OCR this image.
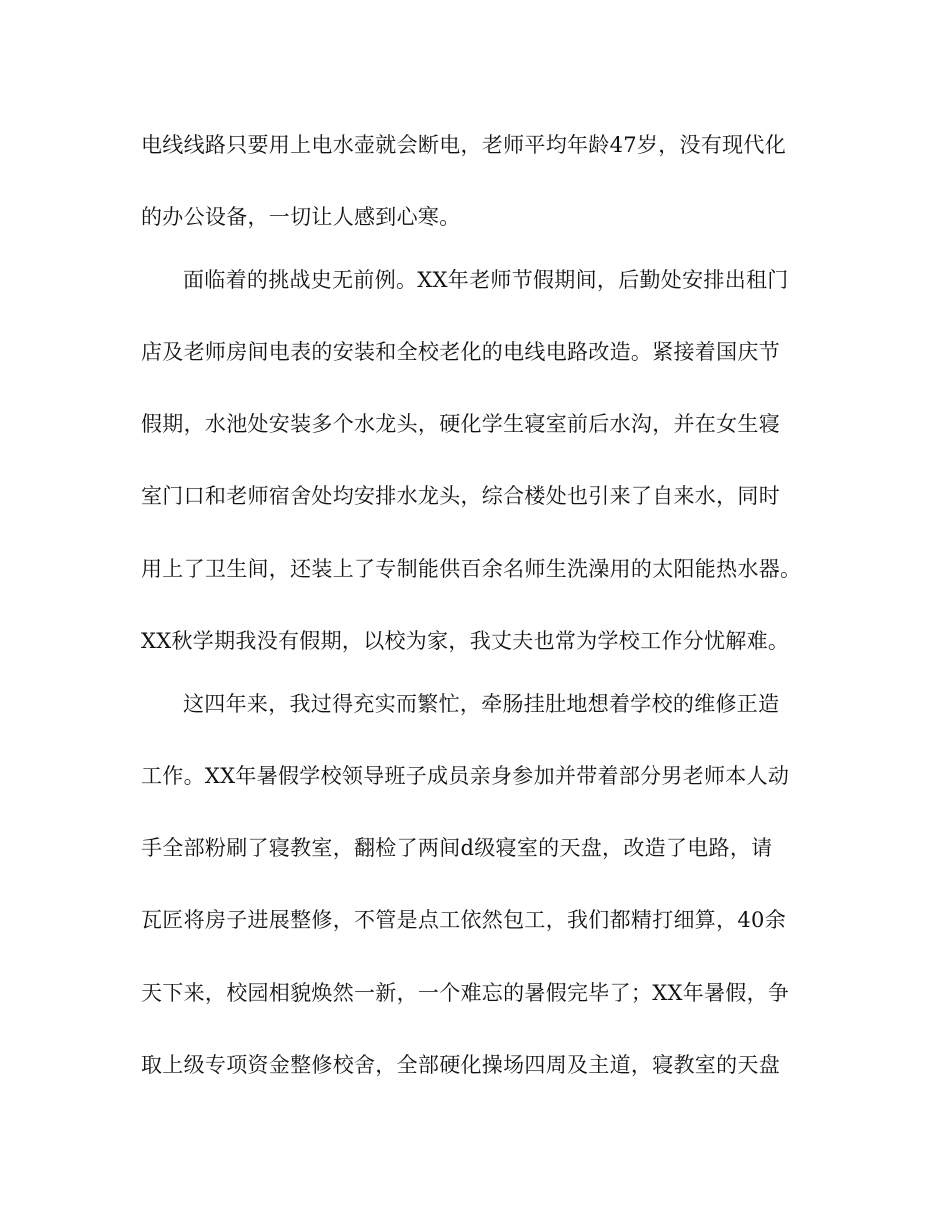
电线线路只要用上电水壶就会断电，老师平均年龄47岁，没有现代化
的办公设备，一切让人感到心寒。
面临着的挑战史无前例。XX年老师节假期间，后勤处安排出租门
店及老师房间电表的安装和全校老化的电线电路改造。紧接着国庆节
假期，水池处安装多个水龙头，硬化学生寝室前后水沟，并在女生寝
室门口和老师宿舍处均安排水龙头，综合楼处也引来了自来水，同时
用上了卫生间，还装上了专制能供百余名师生洗澡用的太阳能热水器。
XX秋学期我没有假期，以校为家，我丈夫也常为学校工作分忧解难。
这四年来，我过得充实而繁忙，牵肠挂肚地想着学校的维修正造
工作。XX年暑假学校领导班子成员亲身参加并带着部分男老师本人动
手全部粉刷了寝教室，翻检了两间d级寝室的天盘，改造了电路，请
瓦匠将房子进展整修，不管是点工依然包工，我们都精打细算，40余
天下来，校园相貌焕然一新，一个难忘的暑假完毕了；XX年暑假，争
取上级专项资金整修校舍，全部硬化操场四周及主道，寝教室的天盘
